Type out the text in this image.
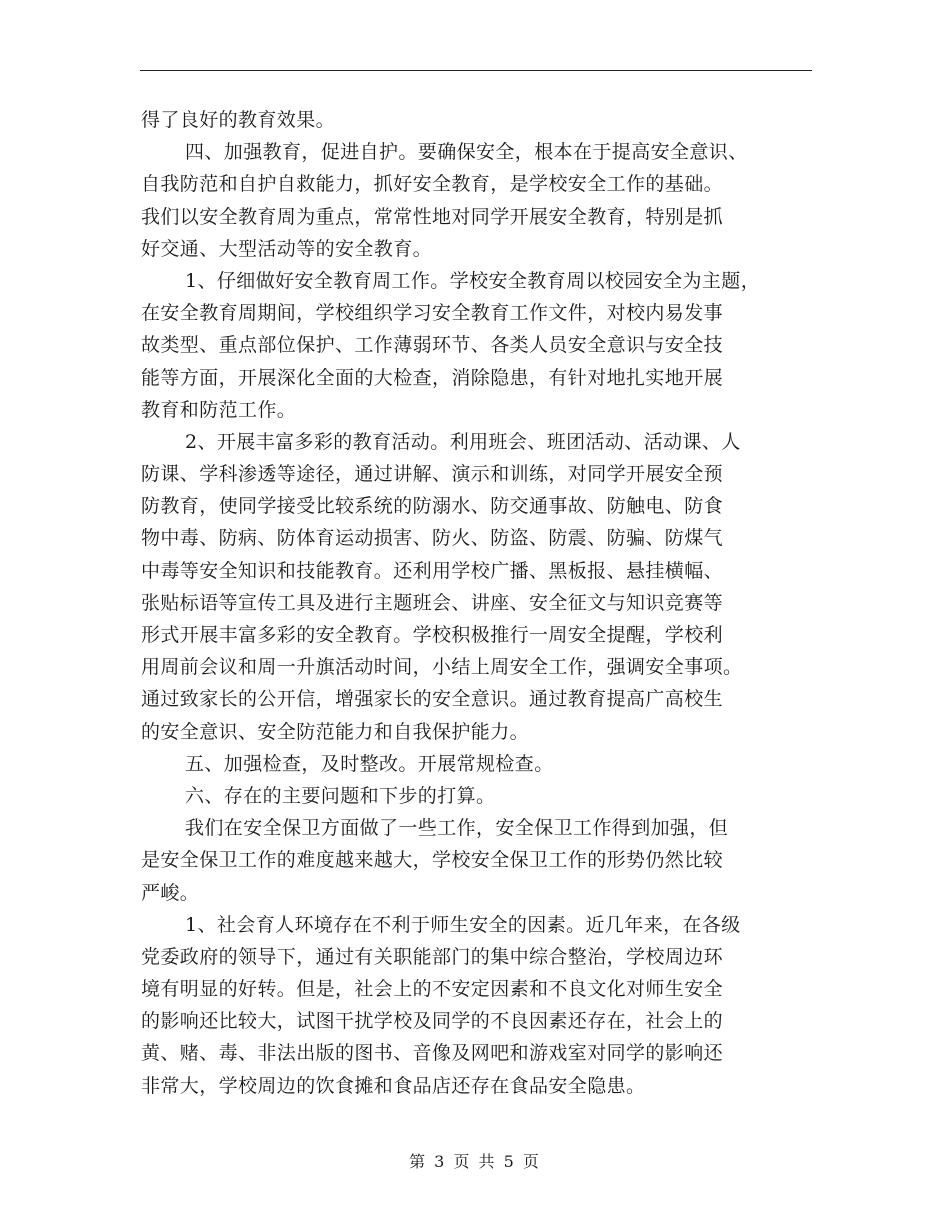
得了良好的教育效果。
四、加强教育，促进自护。要确保安全，根本在于提高安全意识、
自我防范和自护自救能力，抓好安全教育，是学校安全工作的基础。
我们以安全教育周为重点，常常性地对同学开展安全教育，特别是抓
好交通、大型活动等的安全教育。
1、仔细做好安全教育周工作。学校安全教育周以校园安全为主题，
在安全教育周期间，学校组织学习安全教育工作文件，对校内易发事
故类型、重点部位保护、工作薄弱环节、各类人员安全意识与安全技
能等方面，开展深化全面的大检查，消除隐患，有针对地扎实地开展
教育和防范工作。
2、开展丰富多彩的教育活动。利用班会、班团活动、活动课、人
防课、学科渗透等途径，通过讲解、演示和训练，对同学开展安全预
防教育，使同学接受比较系统的防溺水、防交通事故、防触电、防食
物中毒、防病、防体育运动损害、防火、防盗、防震、防骗、防煤气
中毒等安全知识和技能教育。还利用学校广播、黑板报、悬挂横幅、
张贴标语等宣传工具及进行主题班会、讲座、安全征文与知识竞赛等
形式开展丰富多彩的安全教育。学校积极推行一周安全提醒，学校利
用周前会议和周一升旗活动时间，小结上周安全工作，强调安全事项。
通过致家长的公开信，增强家长的安全意识。通过教育提高广高校生
的安全意识、安全防范能力和自我保护能力。
五、加强检查，及时整改。开展常规检查。
六、存在的主要问题和下步的打算。
我们在安全保卫方面做了一些工作，安全保卫工作得到加强，但
是安全保卫工作的难度越来越大，学校安全保卫工作的形势仍然比较
严峻。
1、社会育人环境存在不利于师生安全的因素。近几年来，在各级
党委政府的领导下，通过有关职能部门的集中综合整治，学校周边环
境有明显的好转。但是，社会上的不安定因素和不良文化对师生安全
的影响还比较大，试图干扰学校及同学的不良因素还存在，社会上的
黄、赌、毒、非法出版的图书、音像及网吧和游戏室对同学的影响还
非常大，学校周边的饮食摊和食品店还存在食品安全隐患。
第 3 页 共 5 页
